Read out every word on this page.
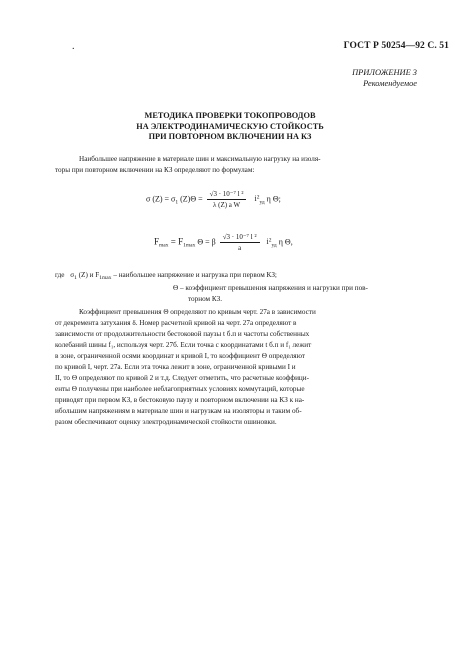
.	ГОСТ Р 50254—92 С. 51
ПРИЛОЖЕНИЕ 3
Рекомендуемое
МЕТОДИКА ПРОВЕРКИ ТОКОПРОВОДОВ
НА ЭЛЕКТРОДИНАМИЧЕСКУЮ СТОЙКОСТЬ
ПРИ ПОВТОРНОМ ВКЛЮЧЕНИИ НА КЗ
Наибольшее напряжение в материале шин и максимальную нагрузку на изоля-
торы при повторном включении на КЗ определяют по формулам:
σ $(Z) = \sigma_1$ $(Z)\Theta = \frac{\text{√3 · 10⁻⁷ l ²}}{\text{λ (Z) a W}} i^2_{уд}$ η Θ;
$F_{max} = F_{1max}$ Θ = β $\frac{\text{√3 · 10⁻⁷ l ²}}{a} i^2_{уд}$ η Θ,
где $\sigma_1$ (Z) и $F_{1max}$ – наибольшее напряжение и нагрузка при первом КЗ;
Θ – коэффициент превышения напряжения и нагрузки при пов-
торном КЗ.
Коэффициент превышения Θ определяют по кривым черт. 27а в зависимости
от декремента затухания δ. Номер расчетной кривой на черт. 27а определяют в
зависимости от продолжительности бестоковой паузы t б.п и частоты собственных
колебаний шины f₁, используя черт. 27б. Если точка с координатами t б.п и f₁ лежит
в зоне, ограниченной осями координат и кривой I, то коэффициент Θ определяют
по кривой I, черт. 27а. Если эта точка лежит в зоне, ограниченной кривыми I и
II, то Θ определяют по кривой 2 и т.д. Следует отметить, что расчетные коэффици-
енты Θ получены при наиболее неблагоприятных условиях коммутаций, которые
приводят при первом КЗ, в бестоковую паузу и повторном включении на КЗ к на-
ибольшим напряжениям в материале шин и нагрузкам на изоляторы и таким об-
разом обеспечивают оценку электродинамической стойкости ошиновки.
